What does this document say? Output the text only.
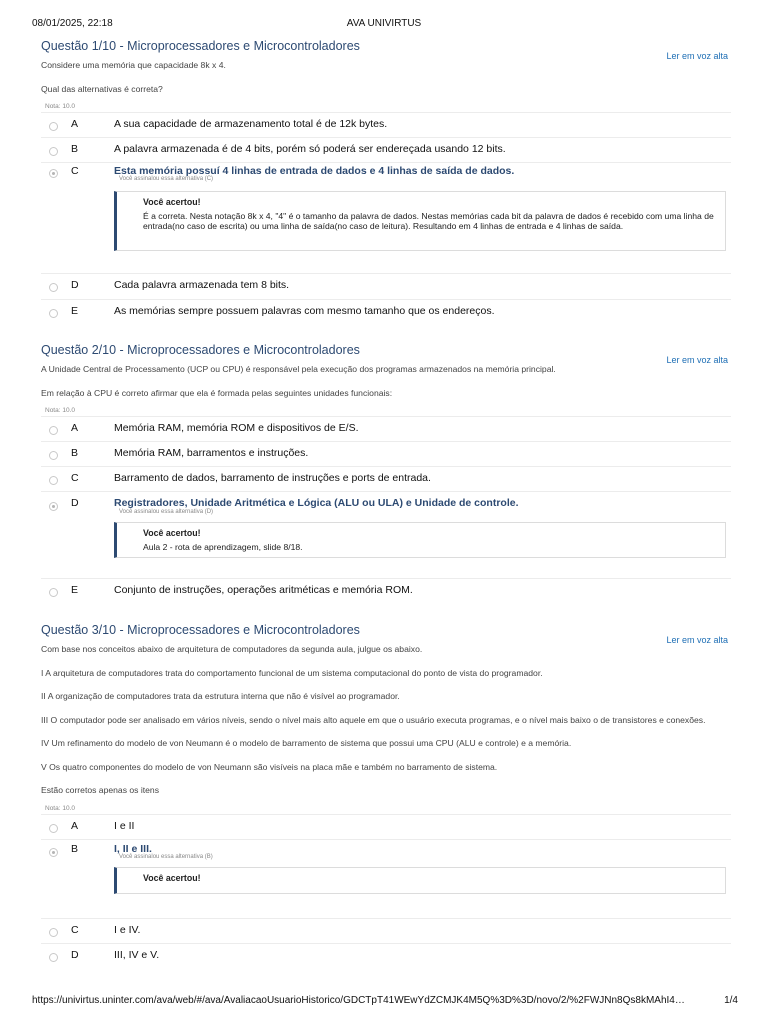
08/01/2025, 22:18	AVA UNIVIRTUS
Questão 1/10 - Microprocessadores e Microcontroladores
Ler em voz alta

Considere uma memória que capacidade 8k x 4.

Qual das alternativas é correta?

Nota: 10.0
A	A sua capacidade de armazenamento total é de 12k bytes.
B	A palavra armazenada é de 4 bits, porém só poderá ser endereçada usando 12 bits.
C	Esta memória possuí 4 linhas de entrada de dados e 4 linhas de saída de dados.
Você assinalou essa alternativa (C)
Você acertou!
É a correta. Nesta notação 8k x 4, "4" é o tamanho da palavra de dados. Nestas memórias cada bit da palavra de dados é recebido com uma linha de entrada(no caso de escrita) ou uma linha de saída(no caso de leitura). Resultando em 4 linhas de entrada e 4 linhas de saída.
D	Cada palavra armazenada tem 8 bits.
E	As memórias sempre possuem palavras com mesmo tamanho que os endereços.
Questão 2/10 - Microprocessadores e Microcontroladores
Ler em voz alta

A Unidade Central de Processamento (UCP ou CPU) é responsável pela execução dos programas armazenados na memória principal.

Em relação à CPU é correto afirmar que ela é formada pelas seguintes unidades funcionais:

Nota: 10.0
A	Memória RAM, memória ROM e dispositivos de E/S.
B	Memória RAM, barramentos e instruções.
C	Barramento de dados, barramento de instruções e ports de entrada.
D	Registradores, Unidade Aritmética e Lógica (ALU ou ULA) e Unidade de controle.
Você assinalou essa alternativa (D)
Você acertou!
Aula 2 - rota de aprendizagem, slide 8/18.
E	Conjunto de instruções, operações aritméticas e memória ROM.
Questão 3/10 - Microprocessadores e Microcontroladores
Ler em voz alta

Com base nos conceitos abaixo de arquitetura de computadores da segunda aula, julgue os abaixo.

I A arquitetura de computadores trata do comportamento funcional de um sistema computacional do ponto de vista do programador.

II A organização de computadores trata da estrutura interna que não é visível ao programador.

III O computador pode ser analisado em vários níveis, sendo o nível mais alto aquele em que o usuário executa programas, e o nível mais baixo o de transistores e conexões.

IV Um refinamento do modelo de von Neumann é o modelo de barramento de sistema que possui uma CPU (ALU e controle) e a memória.

V Os quatro componentes do modelo de von Neumann são visíveis na placa mãe e também no barramento de sistema.

Estão corretos apenas os itens

Nota: 10.0
A	I e II
B	I, II e III.
Você assinalou essa alternativa (B)
Você acertou!
C	I e IV.
D	III, IV e V.
https://univirtus.uninter.com/ava/web/#/ava/AvaliacaoUsuarioHistorico/GDCTpT41WEwYdZCMJK4M5Q%3D%3D/novo/2/%2FWJNn8Qs8kMAhI4…	1/4
